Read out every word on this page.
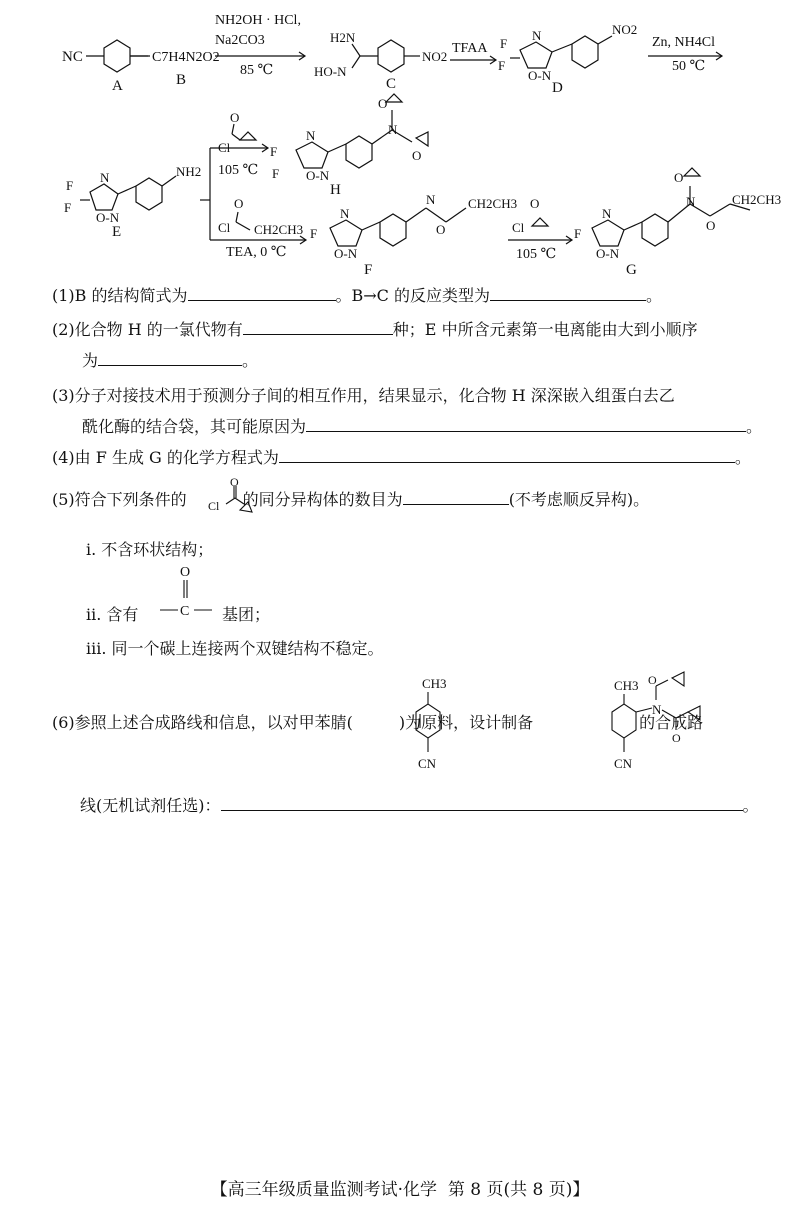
NC
A
C7H4N2O2
B
NH2OH · HCl,
Na2CO3
85 ℃
H2N
HO-N
NO2
C
TFAA F
F
N
O-N
NO2
D
Zn, NH4Cl
50 ℃
F
F
N
O-N
E
NH2
Cl
O
105 ℃
F
F
N
O-N
H
N
O
O
Cl
O
CH2CH3
TEA, 0 ℃
F
N
O-N
F
N
O
CH2CH3
Cl
O
105 ℃
F
N
O-N
G
N
O
O
CH2CH3
(1)B 的结构简式为	。B→C 的反应类型为	。
(2)化合物 H 的一氯代物有	种；E 中所含元素第一电离能由大到小顺序
为	。
(3)分子对接技术用于预测分子间的相互作用，结果显示，化合物 H 深深嵌入组蛋白去乙
酰化酶的结合袋，其可能原因为	。
(4)由 F 生成 G 的化学方程式为	。
(5)符合下列条件的	的同分异构体的数目为	(不考虑顺反异构)。
O
Cl
ⅰ. 不含环状结构；
O
C
ⅱ. 含有	基团；
ⅲ. 同一个碳上连接两个双键结构不稳定。
(6)参照上述合成路线和信息，以对甲苯腈(	)为原料，设计制备	的合成路
CH3
CN
CH3
N
O
O
CN
线(无机试剂任选)：	。
【高三年级质量监测考试·化学 第 8 页(共 8 页)】
